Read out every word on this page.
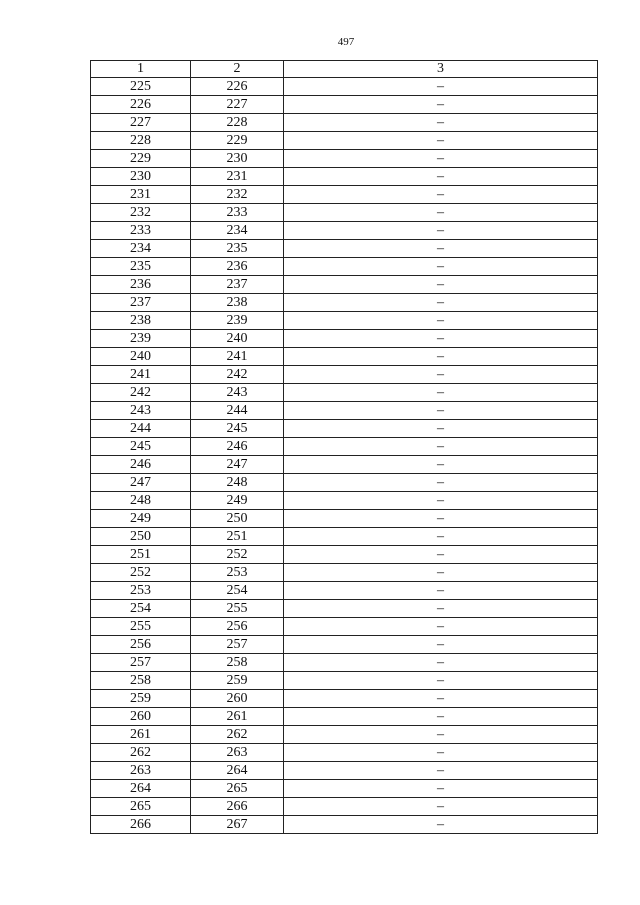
497
1	2	3
225	226	–
226	227	–
227	228	–
228	229	–
229	230	–
230	231	–
231	232	–
232	233	–
233	234	–
234	235	–
235	236	–
236	237	–
237	238	–
238	239	–
239	240	–
240	241	–
241	242	–
242	243	–
243	244	–
244	245	–
245	246	–
246	247	–
247	248	–
248	249	–
249	250	–
250	251	–
251	252	–
252	253	–
253	254	–
254	255	–
255	256	–
256	257	–
257	258	–
258	259	–
259	260	–
260	261	–
261	262	–
262	263	–
263	264	–
264	265	–
265	266	–
266	267	–
